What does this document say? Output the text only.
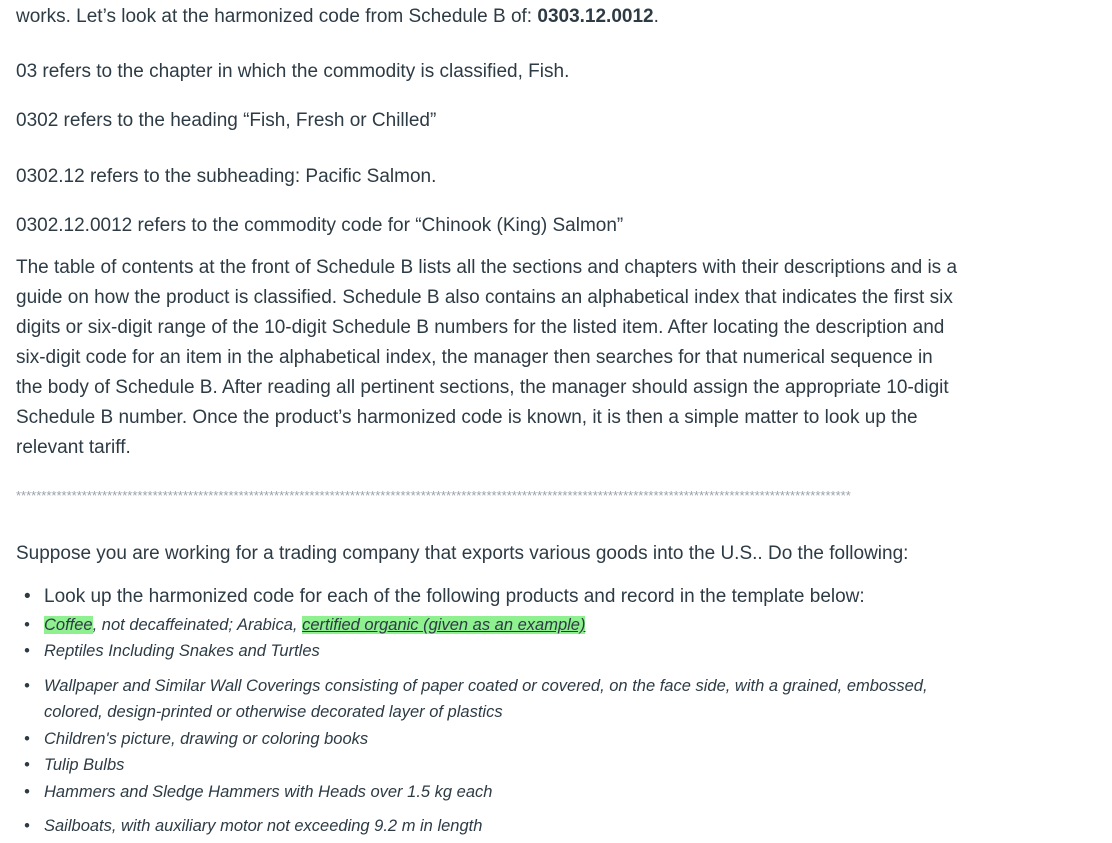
works. Let’s look at the harmonized code from Schedule B of: 0303.12.0012.

03 refers to the chapter in which the commodity is classified, Fish.

0302 refers to the heading “Fish, Fresh or Chilled”

0302.12 refers to the subheading: Pacific Salmon.

0302.12.0012 refers to the commodity code for “Chinook (King) Salmon”

The table of contents at the front of Schedule B lists all the sections and chapters with their descriptions and is a guide on how the product is classified. Schedule B also contains an alphabetical index that indicates the first six digits or six-digit range of the 10-digit Schedule B numbers for the listed item. After locating the description and six-digit code for an item in the alphabetical index, the manager then searches for that numerical sequence in the body of Schedule B. After reading all pertinent sections, the manager should assign the appropriate 10-digit Schedule B number. Once the product’s harmonized code is known, it is then a simple matter to look up the relevant tariff.

*********************************************************************************************************************************************************************

Suppose you are working for a trading company that exports various goods into the U.S.. Do the following:

• Look up the harmonized code for each of the following products and record in the template below:
• Coffee, not decaffeinated; Arabica, certified organic (given as an example)
• Reptiles Including Snakes and Turtles
• Wallpaper and Similar Wall Coverings consisting of paper coated or covered, on the face side, with a grained, embossed,
colored, design-printed or otherwise decorated layer of plastics
• Children's picture, drawing or coloring books
• Tulip Bulbs
• Hammers and Sledge Hammers with Heads over 1.5 kg each
• Sailboats, with auxiliary motor not exceeding 9.2 m in length
